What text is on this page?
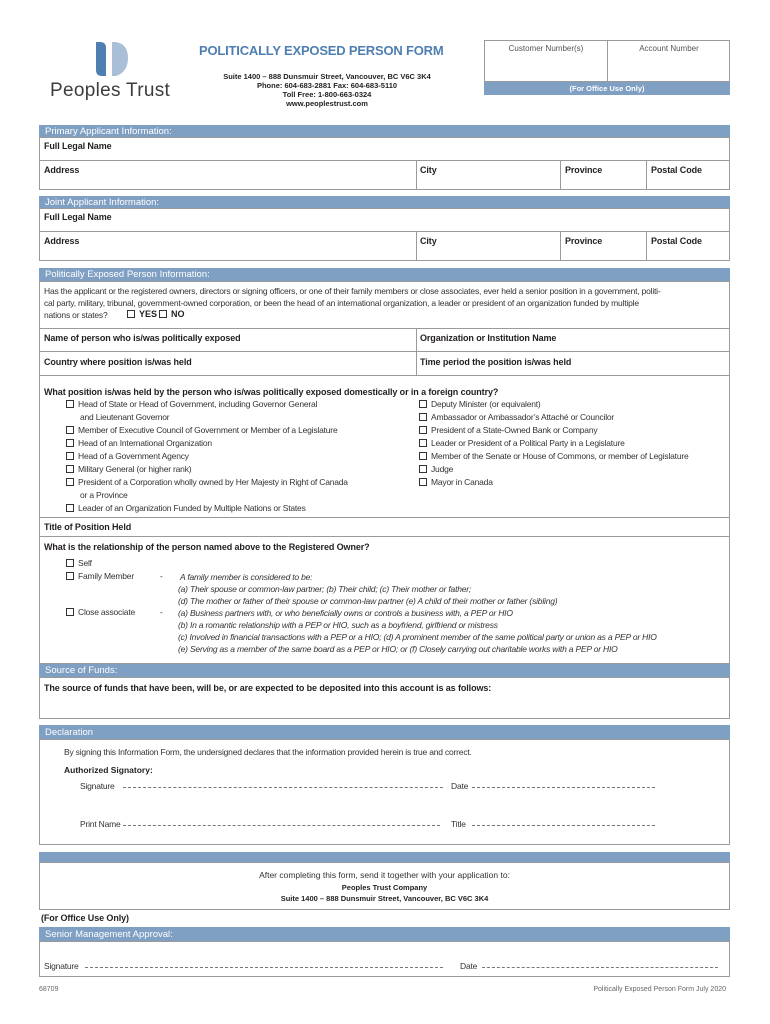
Peoples Trust
POLITICALLY EXPOSED PERSON FORM
Suite 1400 – 888 Dunsmuir Street, Vancouver, BC V6C 3K4
Phone: 604-683-2881 Fax: 604-683-5110
Toll Free: 1-800-663-0324
www.peoplestrust.com
Customer Number(s)	Account Number
(For Office Use Only)
Primary Applicant Information:
Full Legal Name
Address	City	Province	Postal Code
Joint Applicant Information:
Full Legal Name
Address	City	Province	Postal Code
Politically Exposed Person Information:
Has the applicant or the registered owners, directors or signing officers, or one of their family members or close associates, ever held a senior position in a government, politi-
cal party, military, tribunal, government-owned corporation, or been the head of an international organization, a leader or president of an organization funded by multiple
nations or states?	YES	NO
Name of person who is/was politically exposed	Organization or Institution Name
Country where position is/was held	Time period the position is/was held
What position is/was held by the person who is/was politically exposed domestically or in a foreign country?
Head of State or Head of Government, including Governor General
and Lieutenant Governor
Member of Executive Council of Government or Member of a Legislature
Head of an International Organization
Head of a Government Agency
Military General (or higher rank)
President of a Corporation wholly owned by Her Majesty in Right of Canada
or a Province
Leader of an Organization Funded by Multiple Nations or States
Deputy Minister (or equivalent)
Ambassador or Ambassador’s Attaché or Councilor
President of a State-Owned Bank or Company
Leader or President of a Political Party in a Legislature
Member of the Senate or House of Commons, or member of Legislature
Judge
Mayor in Canada
Title of Position Held
What is the relationship of the person named above to the Registered Owner?
Self
Family Member	- A family member is considered to be:
(a) Their spouse or common-law partner; (b) Their child; (c) Their mother or father;
(d) The mother or father of their spouse or common-law partner (e) A child of their mother or father (sibling)
Close associate	- (a) Business partners with, or who beneficially owns or controls a business with, a PEP or HIO
(b) In a romantic relationship with a PEP or HIO, such as a boyfriend, girlfriend or mistress
(c) Involved in financial transactions with a PEP or a HIO; (d) A prominent member of the same political party or union as a PEP or HIO
(e) Serving as a member of the same board as a PEP or HIO; or (f) Closely carrying out charitable works with a PEP or HIO
Source of Funds:
The source of funds that have been, will be, or are expected to be deposited into this account is as follows:
Declaration
By signing this Information Form, the undersigned declares that the information provided herein is true and correct.
Authorized Signatory:
Signature	Date
Print Name	Title
After completing this form, send it together with your application to:
Peoples Trust Company
Suite 1400 – 888 Dunsmuir Street, Vancouver, BC V6C 3K4
(For Office Use Only)
Senior Management Approval:
Signature	Date
68709	Politically Exposed Person Form July 2020
